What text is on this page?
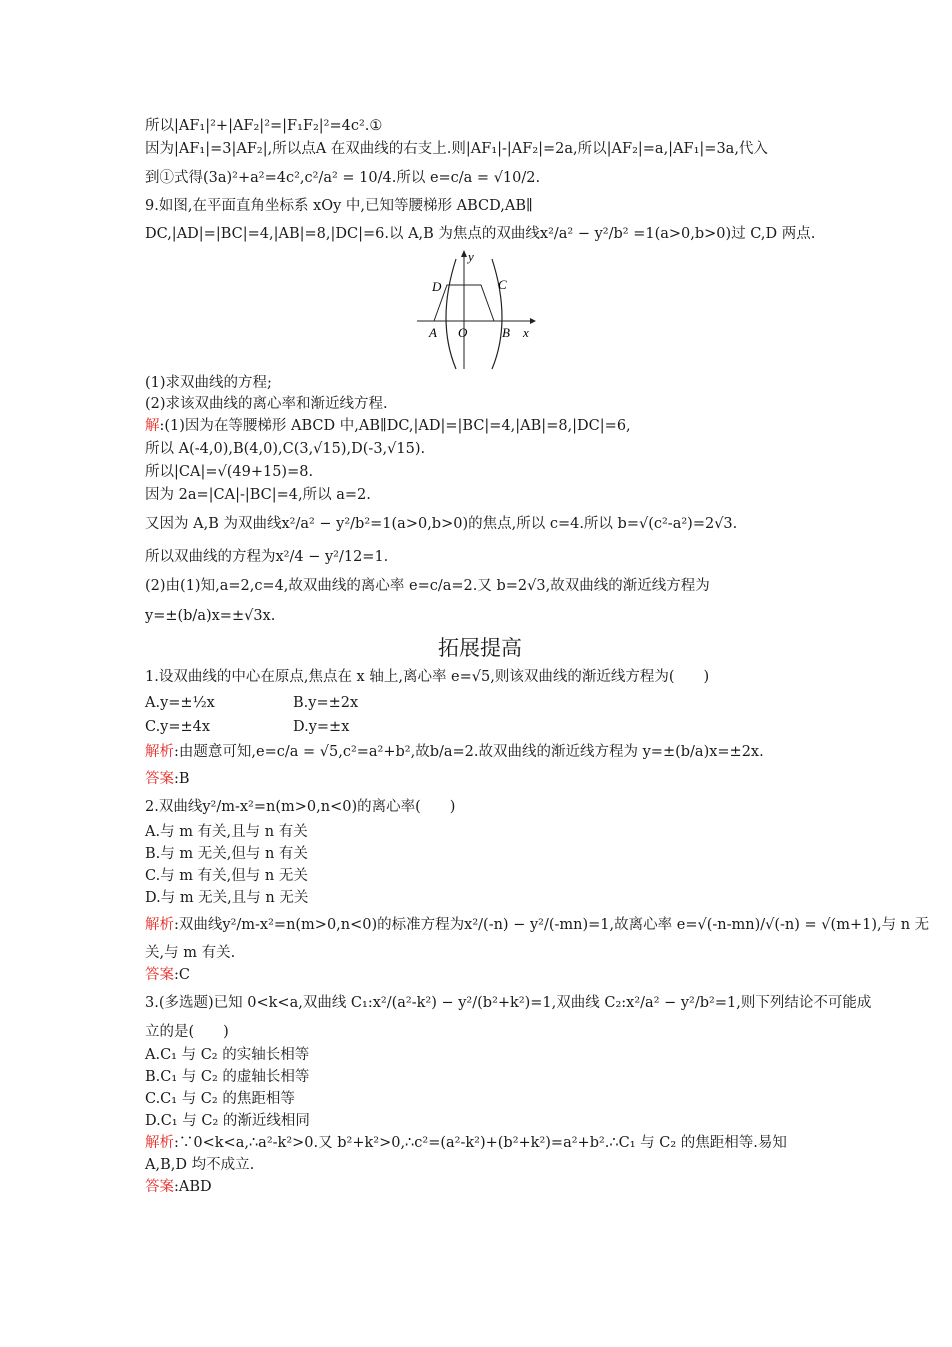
所以|AF₁|²+|AF₂|²=|F₁F₂|²=4c².①
因为|AF₁|=3|AF₂|,所以点A 在双曲线的右支上.则|AF₁|-|AF₂|=2a,所以|AF₂|=a,|AF₁|=3a,代入
到①式得(3a)²+a²=4c²,c²/a² = 10/4.所以 e=c/a = √10/2.
9.如图,在平面直角坐标系 xOy 中,已知等腰梯形 ABCD,AB∥
DC,|AD|=|BC|=4,|AB|=8,|DC|=6.以 A,B 为焦点的双曲线x²/a² − y²/b² =1(a>0,b>0)过 C,D 两点.
y
x
O
A	B
C
D
(1)求双曲线的方程;
(2)求该双曲线的离心率和渐近线方程.
解:(1)因为在等腰梯形 ABCD 中,AB∥DC,|AD|=|BC|=4,|AB|=8,|DC|=6,
所以 A(-4,0),B(4,0),C(3,√15),D(-3,√15).
所以|CA|=√(49+15)=8.
因为 2a=|CA|-|BC|=4,所以 a=2.
又因为 A,B 为双曲线x²/a² − y²/b²=1(a>0,b>0)的焦点,所以 c=4.所以 b=√(c²-a²)=2√3.
所以双曲线的方程为x²/4 − y²/12=1.
(2)由(1)知,a=2,c=4,故双曲线的离心率 e=c/a=2.又 b=2√3,故双曲线的渐近线方程为
y=±(b/a)x=±√3x.
拓展提高
1.设双曲线的中心在原点,焦点在 x 轴上,离心率 e=√5,则该双曲线的渐近线方程为(　　)
A.y=±½x	B.y=±2x
C.y=±4x	D.y=±x
解析:由题意可知,e=c/a = √5,c²=a²+b²,故b/a=2.故双曲线的渐近线方程为 y=±(b/a)x=±2x.
答案:B
2.双曲线y²/m-x²=n(m>0,n<0)的离心率(　　)
A.与 m 有关,且与 n 有关
B.与 m 无关,但与 n 有关
C.与 m 有关,但与 n 无关
D.与 m 无关,且与 n 无关
解析:双曲线y²/m-x²=n(m>0,n<0)的标准方程为x²/(-n) − y²/(-mn)=1,故离心率 e=√(-n-mn)/√(-n) = √(m+1),与 n 无
关,与 m 有关.
答案:C
3.(多选题)已知 0<k<a,双曲线 C₁:x²/(a²-k²) − y²/(b²+k²)=1,双曲线 C₂:x²/a² − y²/b²=1,则下列结论不可能成
立的是(　　)
A.C₁ 与 C₂ 的实轴长相等
B.C₁ 与 C₂ 的虚轴长相等
C.C₁ 与 C₂ 的焦距相等
D.C₁ 与 C₂ 的渐近线相同
解析:∵0<k<a,∴a²-k²>0.又 b²+k²>0,∴c²=(a²-k²)+(b²+k²)=a²+b².∴C₁ 与 C₂ 的焦距相等.易知
A,B,D 均不成立.
答案:ABD
